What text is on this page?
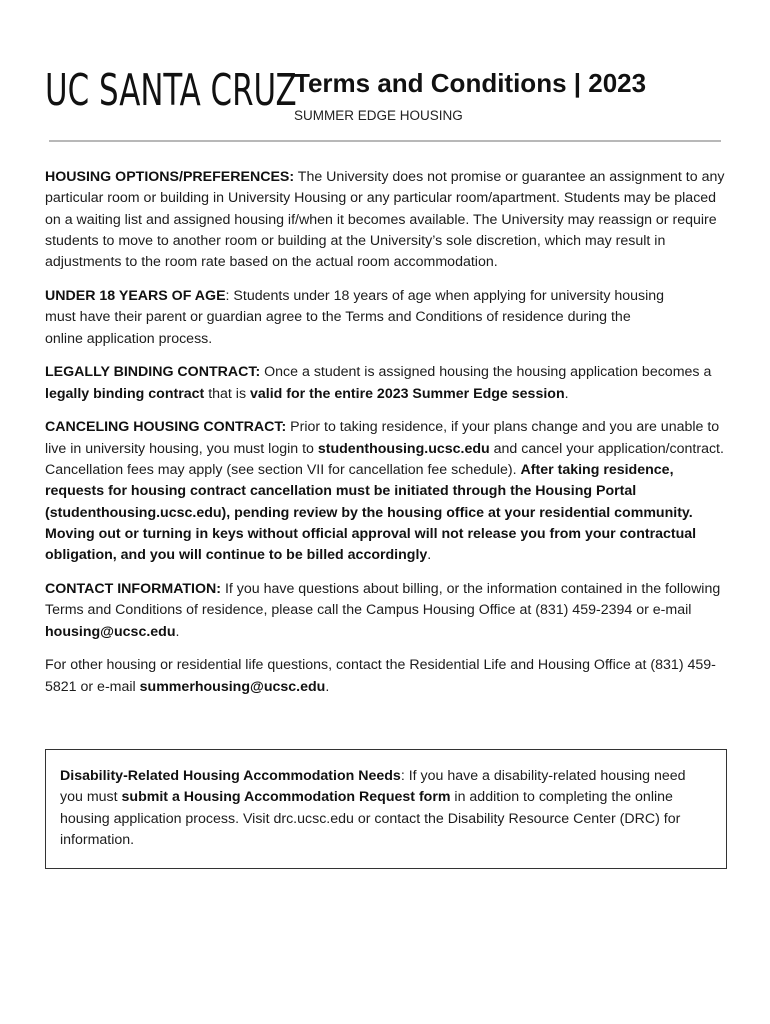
UC SANTA CRUZ
Terms and Conditions | 2023
SUMMER EDGE HOUSING

HOUSING OPTIONS/PREFERENCES: The University does not promise or guarantee an assignment to any particular room or building in University Housing or any particular room/apartment. Students may be placed on a waiting list and assigned housing if/when it becomes available. The University may reassign or require students to move to another room or building at the University’s sole discretion, which may result in adjustments to the room rate based on the actual room accommodation.

UNDER 18 YEARS OF AGE: Students under 18 years of age when applying for university housing must have their parent or guardian agree to the Terms and Conditions of residence during the online application process.

LEGALLY BINDING CONTRACT: Once a student is assigned housing the housing application becomes a legally binding contract that is valid for the entire 2023 Summer Edge session.

CANCELING HOUSING CONTRACT: Prior to taking residence, if your plans change and you are unable to live in university housing, you must login to studenthousing.ucsc.edu and cancel your application/contract. Cancellation fees may apply (see section VII for cancellation fee schedule). After taking residence, requests for housing contract cancellation must be initiated through the Housing Portal (studenthousing.ucsc.edu), pending review by the housing office at your residential community. Moving out or turning in keys without official approval will not release you from your contractual obligation, and you will continue to be billed accordingly.

CONTACT INFORMATION: If you have questions about billing, or the information contained in the following Terms and Conditions of residence, please call the Campus Housing Office at (831) 459-2394 or e-mail housing@ucsc.edu.

For other housing or residential life questions, contact the Residential Life and Housing Office at (831) 459-5821 or e-mail summerhousing@ucsc.edu.

Disability-Related Housing Accommodation Needs: If you have a disability-related housing need you must submit a Housing Accommodation Request form in addition to completing the online housing application process. Visit drc.ucsc.edu or contact the Disability Resource Center (DRC) for information.
